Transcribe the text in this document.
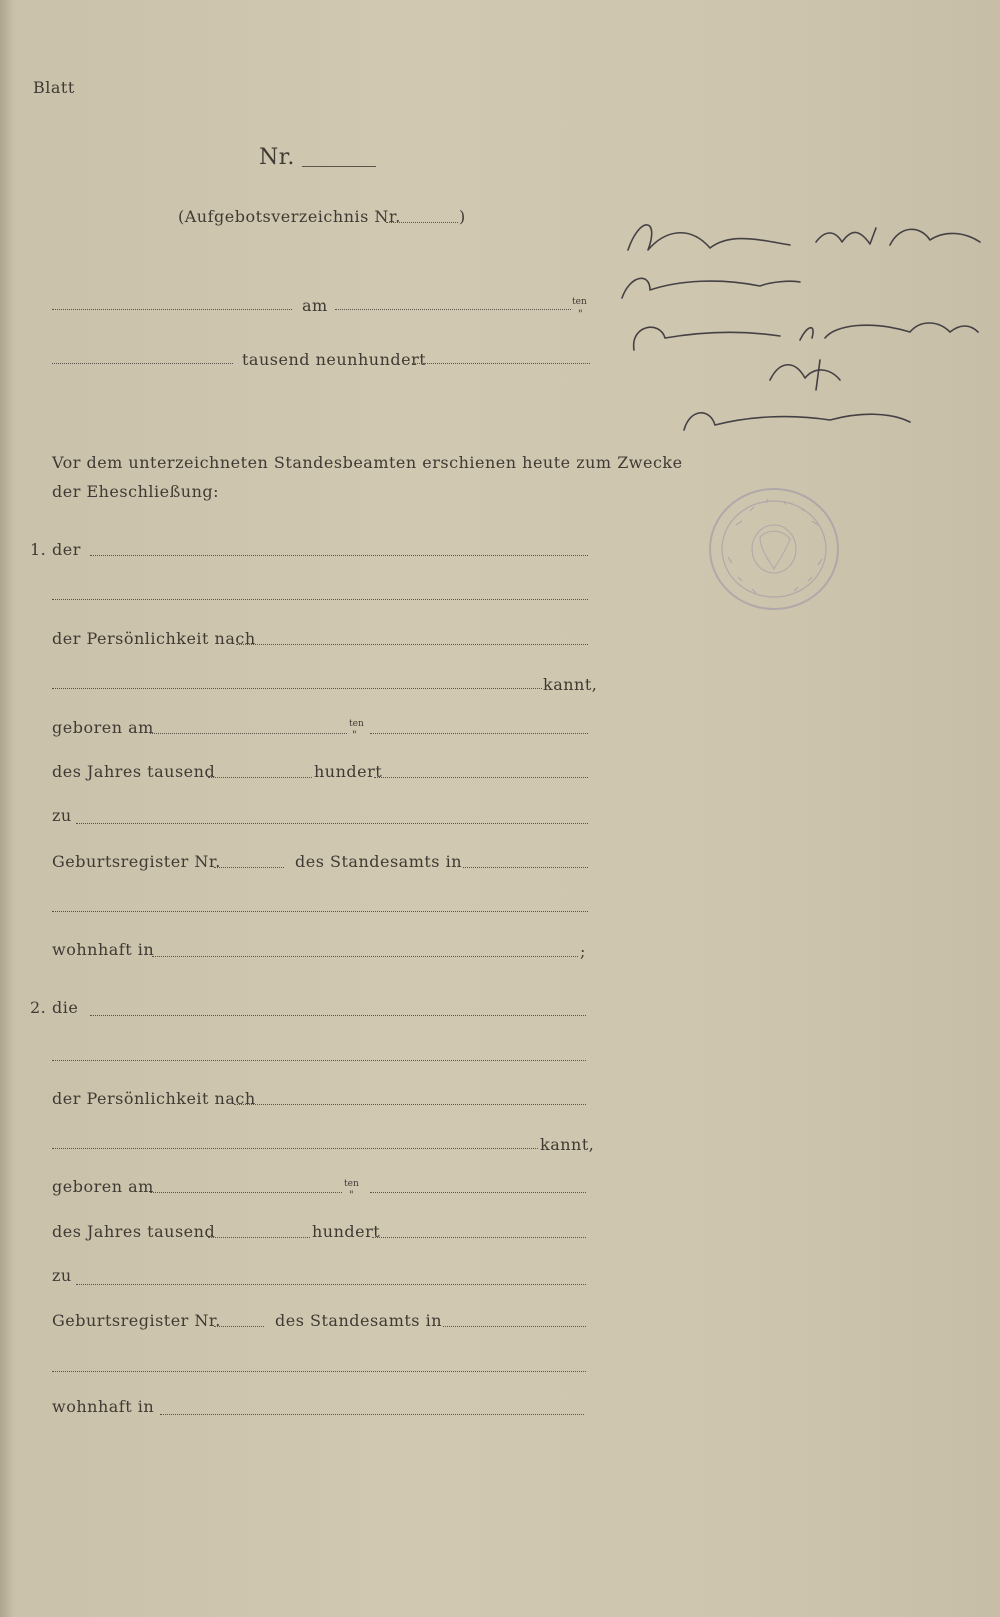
Blatt
Nr.
(Aufgebotsverzeichnis Nr.	)
am	ten
"
tausend neunhundert
Vor dem unterzeichneten Standesbeamten erschienen heute zum Zwecke
der Eheschließung:
1. der
der Persönlichkeit nach
kannt,
geboren am	ten
"
des Jahres tausend	hundert
zu
Geburtsregister Nr.	des Standesamts in
wohnhaft in	;
2. die
der Persönlichkeit nach
kannt,
geboren am	ten
"
des Jahres tausend	hundert
zu
Geburtsregister Nr.	des Standesamts in
wohnhaft in
